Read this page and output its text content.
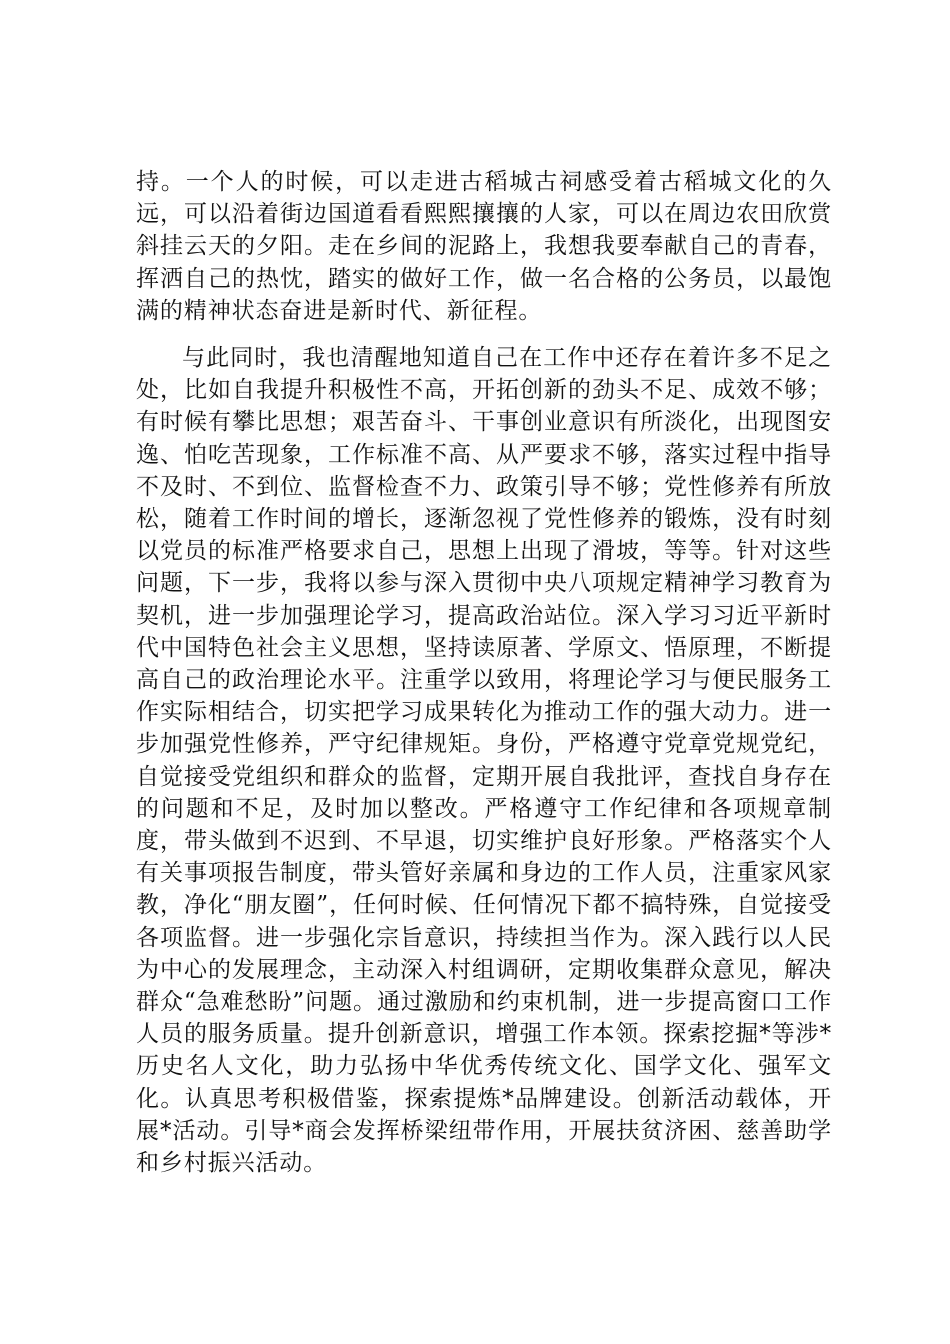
持。一个人的时候，可以走进古稻城古祠感受着古稻城文化的久远，可以沿着街边国道看看熙熙攘攘的人家，可以在周边农田欣赏斜挂云天的夕阳。走在乡间的泥路上，我想我要奉献自己的青春，挥洒自己的热忱，踏实的做好工作，做一名合格的公务员，以最饱满的精神状态奋进是新时代、新征程。

与此同时，我也清醒地知道自己在工作中还存在着许多不足之处，比如自我提升积极性不高，开拓创新的劲头不足、成效不够；有时候有攀比思想；艰苦奋斗、干事创业意识有所淡化，出现图安逸、怕吃苦现象，工作标准不高、从严要求不够，落实过程中指导不及时、不到位、监督检查不力、政策引导不够；党性修养有所放松，随着工作时间的增长，逐渐忽视了党性修养的锻炼，没有时刻以党员的标准严格要求自己，思想上出现了滑坡，等等。针对这些问题，下一步，我将以参与深入贯彻中央八项规定精神学习教育为契机，进一步加强理论学习，提高政治站位。深入学习习近平新时代中国特色社会主义思想，坚持读原著、学原文、悟原理，不断提高自己的政治理论水平。注重学以致用，将理论学习与便民服务工作实际相结合，切实把学习成果转化为推动工作的强大动力。进一步加强党性修养，严守纪律规矩。身份，严格遵守党章党规党纪，自觉接受党组织和群众的监督，定期开展自我批评，查找自身存在的问题和不足，及时加以整改。严格遵守工作纪律和各项规章制度，带头做到不迟到、不早退，切实维护良好形象。严格落实个人有关事项报告制度，带头管好亲属和身边的工作人员，注重家风家教，净化“朋友圈”，任何时候、任何情况下都不搞特殊，自觉接受各项监督。进一步强化宗旨意识，持续担当作为。深入践行以人民为中心的发展理念，主动深入村组调研，定期收集群众意见，解决群众“急难愁盼”问题。通过激励和约束机制，进一步提高窗口工作人员的服务质量。提升创新意识，增强工作本领。探索挖掘*等涉*历史名人文化，助力弘扬中华优秀传统文化、国学文化、强军文化。认真思考积极借鉴，探索提炼*品牌建设。创新活动载体，开展*活动。引导*商会发挥桥梁纽带作用，开展扶贫济困、慈善助学和乡村振兴活动。
